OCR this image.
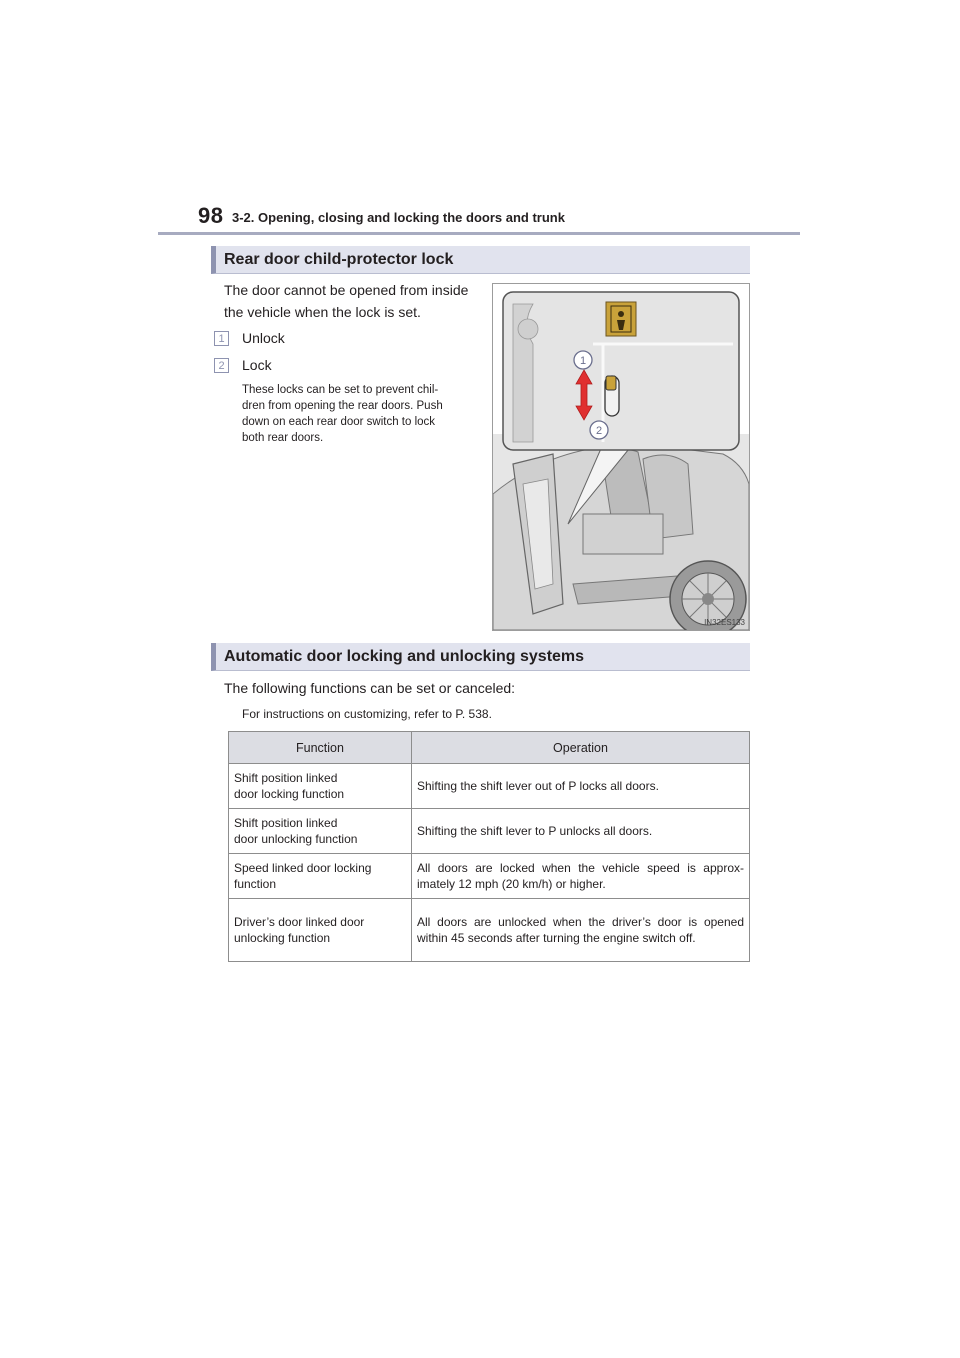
98 3-2. Opening, closing and locking the doors and trunk
Rear door child-protector lock
The door cannot be opened from inside
the vehicle when the lock is set.
1	Unlock
2	Lock
These locks can be set to prevent chil-
dren from opening the rear doors. Push
down on each rear door switch to lock
both rear doors.
1
2
IN32ES133
Automatic door locking and unlocking systems
The following functions can be set or canceled:
For instructions on customizing, refer to P. 538.
Function	Operation

Shift position linked
door locking function	Shifting the shift lever out of P locks all doors.

Shift position linked
door unlocking function	Shifting the shift lever to P unlocks all doors.

Speed linked door locking
function	All doors are locked when the vehicle speed is approx-imately 12 mph (20 km/h) or higher.

Driver’s door linked door
unlocking function	All doors are unlocked when the driver’s door is opened within 45 seconds after turning the engine switch off.
